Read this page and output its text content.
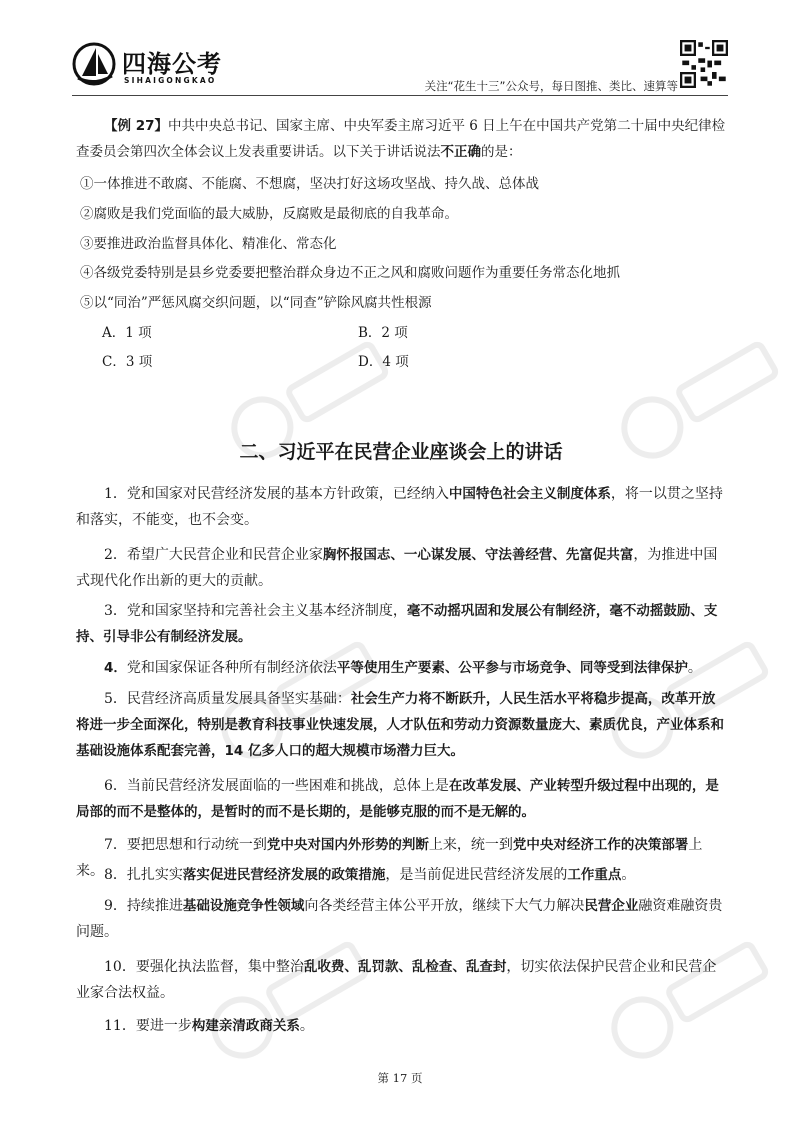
四海公考
SIHAIGONGKAO	关注“花生十三”公众号，每日图推、类比、速算等
【例 27】中共中央总书记、国家主席、中央军委主席习近平 6 日上午在中国共产党第二十届中央纪律检查委员会第四次全体会议上发表重要讲话。以下关于讲话说法不正确的是：
①一体推进不敢腐、不能腐、不想腐，坚决打好这场攻坚战、持久战、总体战
②腐败是我们党面临的最大威胁，反腐败是最彻底的自我革命。
③要推进政治监督具体化、精准化、常态化
④各级党委特别是县乡党委要把整治群众身边不正之风和腐败问题作为重要任务常态化地抓
⑤以“同治”严惩风腐交织问题，以“同查”铲除风腐共性根源
A．1 项	B．2 项
C．3 项	D．4 项
二、习近平在民营企业座谈会上的讲话
1．党和国家对民营经济发展的基本方针政策，已经纳入中国特色社会主义制度体系，将一以贯之坚持和落实，不能变，也不会变。
2．希望广大民营企业和民营企业家胸怀报国志、一心谋发展、守法善经营、先富促共富，为推进中国式现代化作出新的更大的贡献。
3．党和国家坚持和完善社会主义基本经济制度，毫不动摇巩固和发展公有制经济，毫不动摇鼓励、支持、引导非公有制经济发展。
4．党和国家保证各种所有制经济依法平等使用生产要素、公平参与市场竞争、同等受到法律保护。
5．民营经济高质量发展具备坚实基础：社会生产力将不断跃升，人民生活水平将稳步提高，改革开放将进一步全面深化，特别是教育科技事业快速发展，人才队伍和劳动力资源数量庞大、素质优良，产业体系和基础设施体系配套完善，14 亿多人口的超大规模市场潜力巨大。
6．当前民营经济发展面临的一些困难和挑战，总体上是在改革发展、产业转型升级过程中出现的，是局部的而不是整体的，是暂时的而不是长期的，是能够克服的而不是无解的。
7．要把思想和行动统一到党中央对国内外形势的判断上来，统一到党中央对经济工作的决策部署上来。 8．扎扎实实落实促进民营经济发展的政策措施，是当前促进民营经济发展的工作重点。
9．持续推进基础设施竞争性领域向各类经营主体公平开放，继续下大气力解决民营企业融资难融资贵问题。
10．要强化执法监督，集中整治乱收费、乱罚款、乱检查、乱查封，切实依法保护民营企业和民营企业家合法权益。
11．要进一步构建亲清政商关系。
第 17 页
